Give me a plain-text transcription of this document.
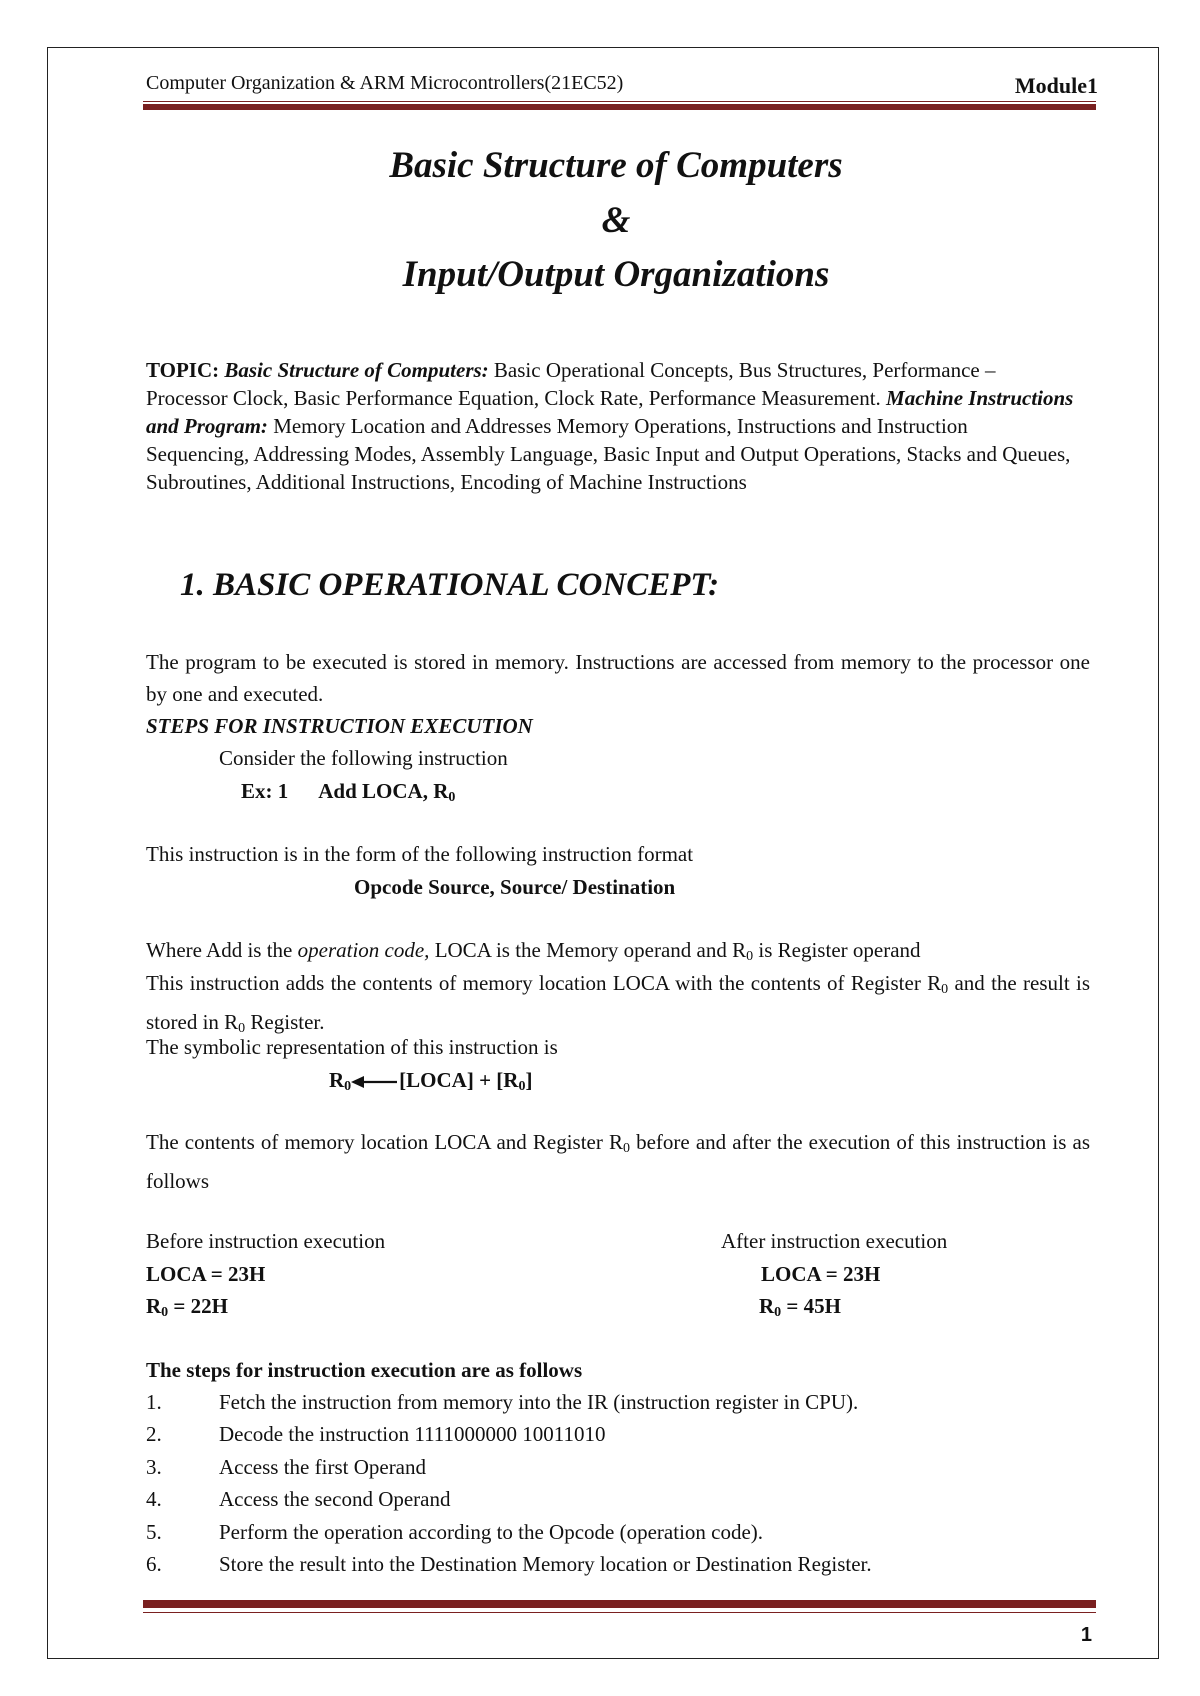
Computer Organization & ARM Microcontrollers(21EC52)	Module1
Basic Structure of Computers
&
Input/Output Organizations
TOPIC: Basic Structure of Computers: Basic Operational Concepts, Bus Structures, Performance –Processor Clock, Basic Performance Equation, Clock Rate, Performance Measurement. Machine Instructions and Program: Memory Location and Addresses Memory Operations, Instructions and Instruction Sequencing, Addressing Modes, Assembly Language, Basic Input and Output Operations, Stacks and Queues, Subroutines, Additional Instructions, Encoding of Machine Instructions
1. BASIC OPERATIONAL CONCEPT:
The program to be executed is stored in memory. Instructions are accessed from memory to the processor one by one and executed.
STEPS FOR INSTRUCTION EXECUTION
Consider the following instruction
Ex: 1 Add LOCA, $R_0$
This instruction is in the form of the following instruction format
Opcode Source, Source/ Destination
Where Add is the operation code, LOCA is the Memory operand and $R_0$ is Register operand
This instruction adds the contents of memory location LOCA with the contents of Register $R_0$ and the result is stored in $R_0$ Register.
The symbolic representation of this instruction is
$R_0$ [LOCA] + $[R_0]$
The contents of memory location LOCA and Register $R_0$ before and after the execution of this instruction is as follows
Before instruction execution	After instruction execution
LOCA = 23H	LOCA = 23H
$R_0 = 22H$	$R_0 = 45H$
The steps for instruction execution are as follows
1.	Fetch the instruction from memory into the IR (instruction register in CPU).
2.	Decode the instruction 1111000000 10011010
3.	Access the first Operand
4.	Access the second Operand
5.	Perform the operation according to the Opcode (operation code).
6.	Store the result into the Destination Memory location or Destination Register.
1
